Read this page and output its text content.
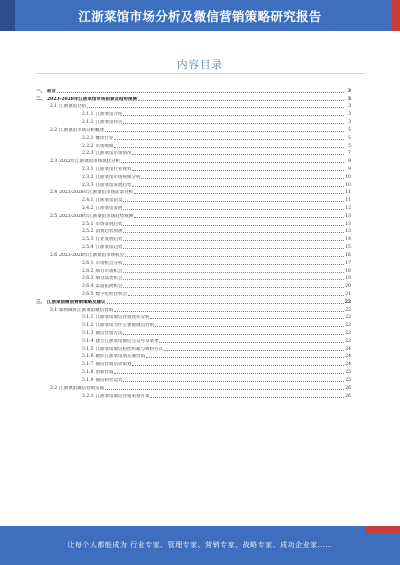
江浙菜馆市场分析及微信营销策略研究报告
内容目录
一、 前言	3
二、 2023-2028年江浙菜馆市场前景及趋势预测	3
2.1 江浙菜馆介绍	3
2.1.1 江浙菜馆介绍	3
2.1.2 江浙菜馆特点	3
2.2 江浙菜馆市场分析概述	5
2.2.1 餐饮行业	5
2.2.2 市场规模	5
2.2.3 江浙菜馆市场情况	7
2.3 2022年江浙菜馆市场现状分析	9
2.3.1 江浙菜馆行业现状	9
2.3.2 江浙菜馆市场规模分析	10
2.3.3 江浙菜馆发展趋势	10
2.4 2023-2028年江浙菜馆市场前景分析	11
2.4.1 江浙菜馆前景	11
2.4.2 江浙菜馆发展	12
2.5 2023-2028年江浙菜馆市场趋势预测	13
2.5.1 市场发展趋势	13
2.5.2 消费趋势预测	13
2.5.3 行业发展趋势	14
2.5.4 江浙菜馆趋势	15
2.6 2023-2028年江浙菜馆市场机会	16
2.6.1 市场机会分析	17
2.6.2 细分市场机会	18
2.6.3 细分品类机会	19
2.6.4 渠道拓展机会	20
2.6.5 数字化经营机会	21
三、 江浙菜馆微信营销策略及建议	22
3.1 如何做好江浙菜馆微信营销	22
3.1.1 江浙菜馆微信营销现状分析	22
3.1.2 江浙菜馆为什么要做微信营销	23
3.1.3 微信营销方法	23
3.1.4 建立江浙菜馆微信公众号及菜单	23
3.1.5 江浙菜馆微信粉丝积累与吸粉方式	24
3.1.6 做好江浙菜馆朋友圈营销	24
3.1.7 微信营销活动策划	24
3.1.8 创新营销	25
3.1.9 微信粉丝运营	25
3.2 江浙菜馆微信营销实战	26
3.2.1 江浙菜馆微信营销策划方案	26
让每个人都能成为 行业专家、管理专家、营销专家、战略专家、成功企业家……
